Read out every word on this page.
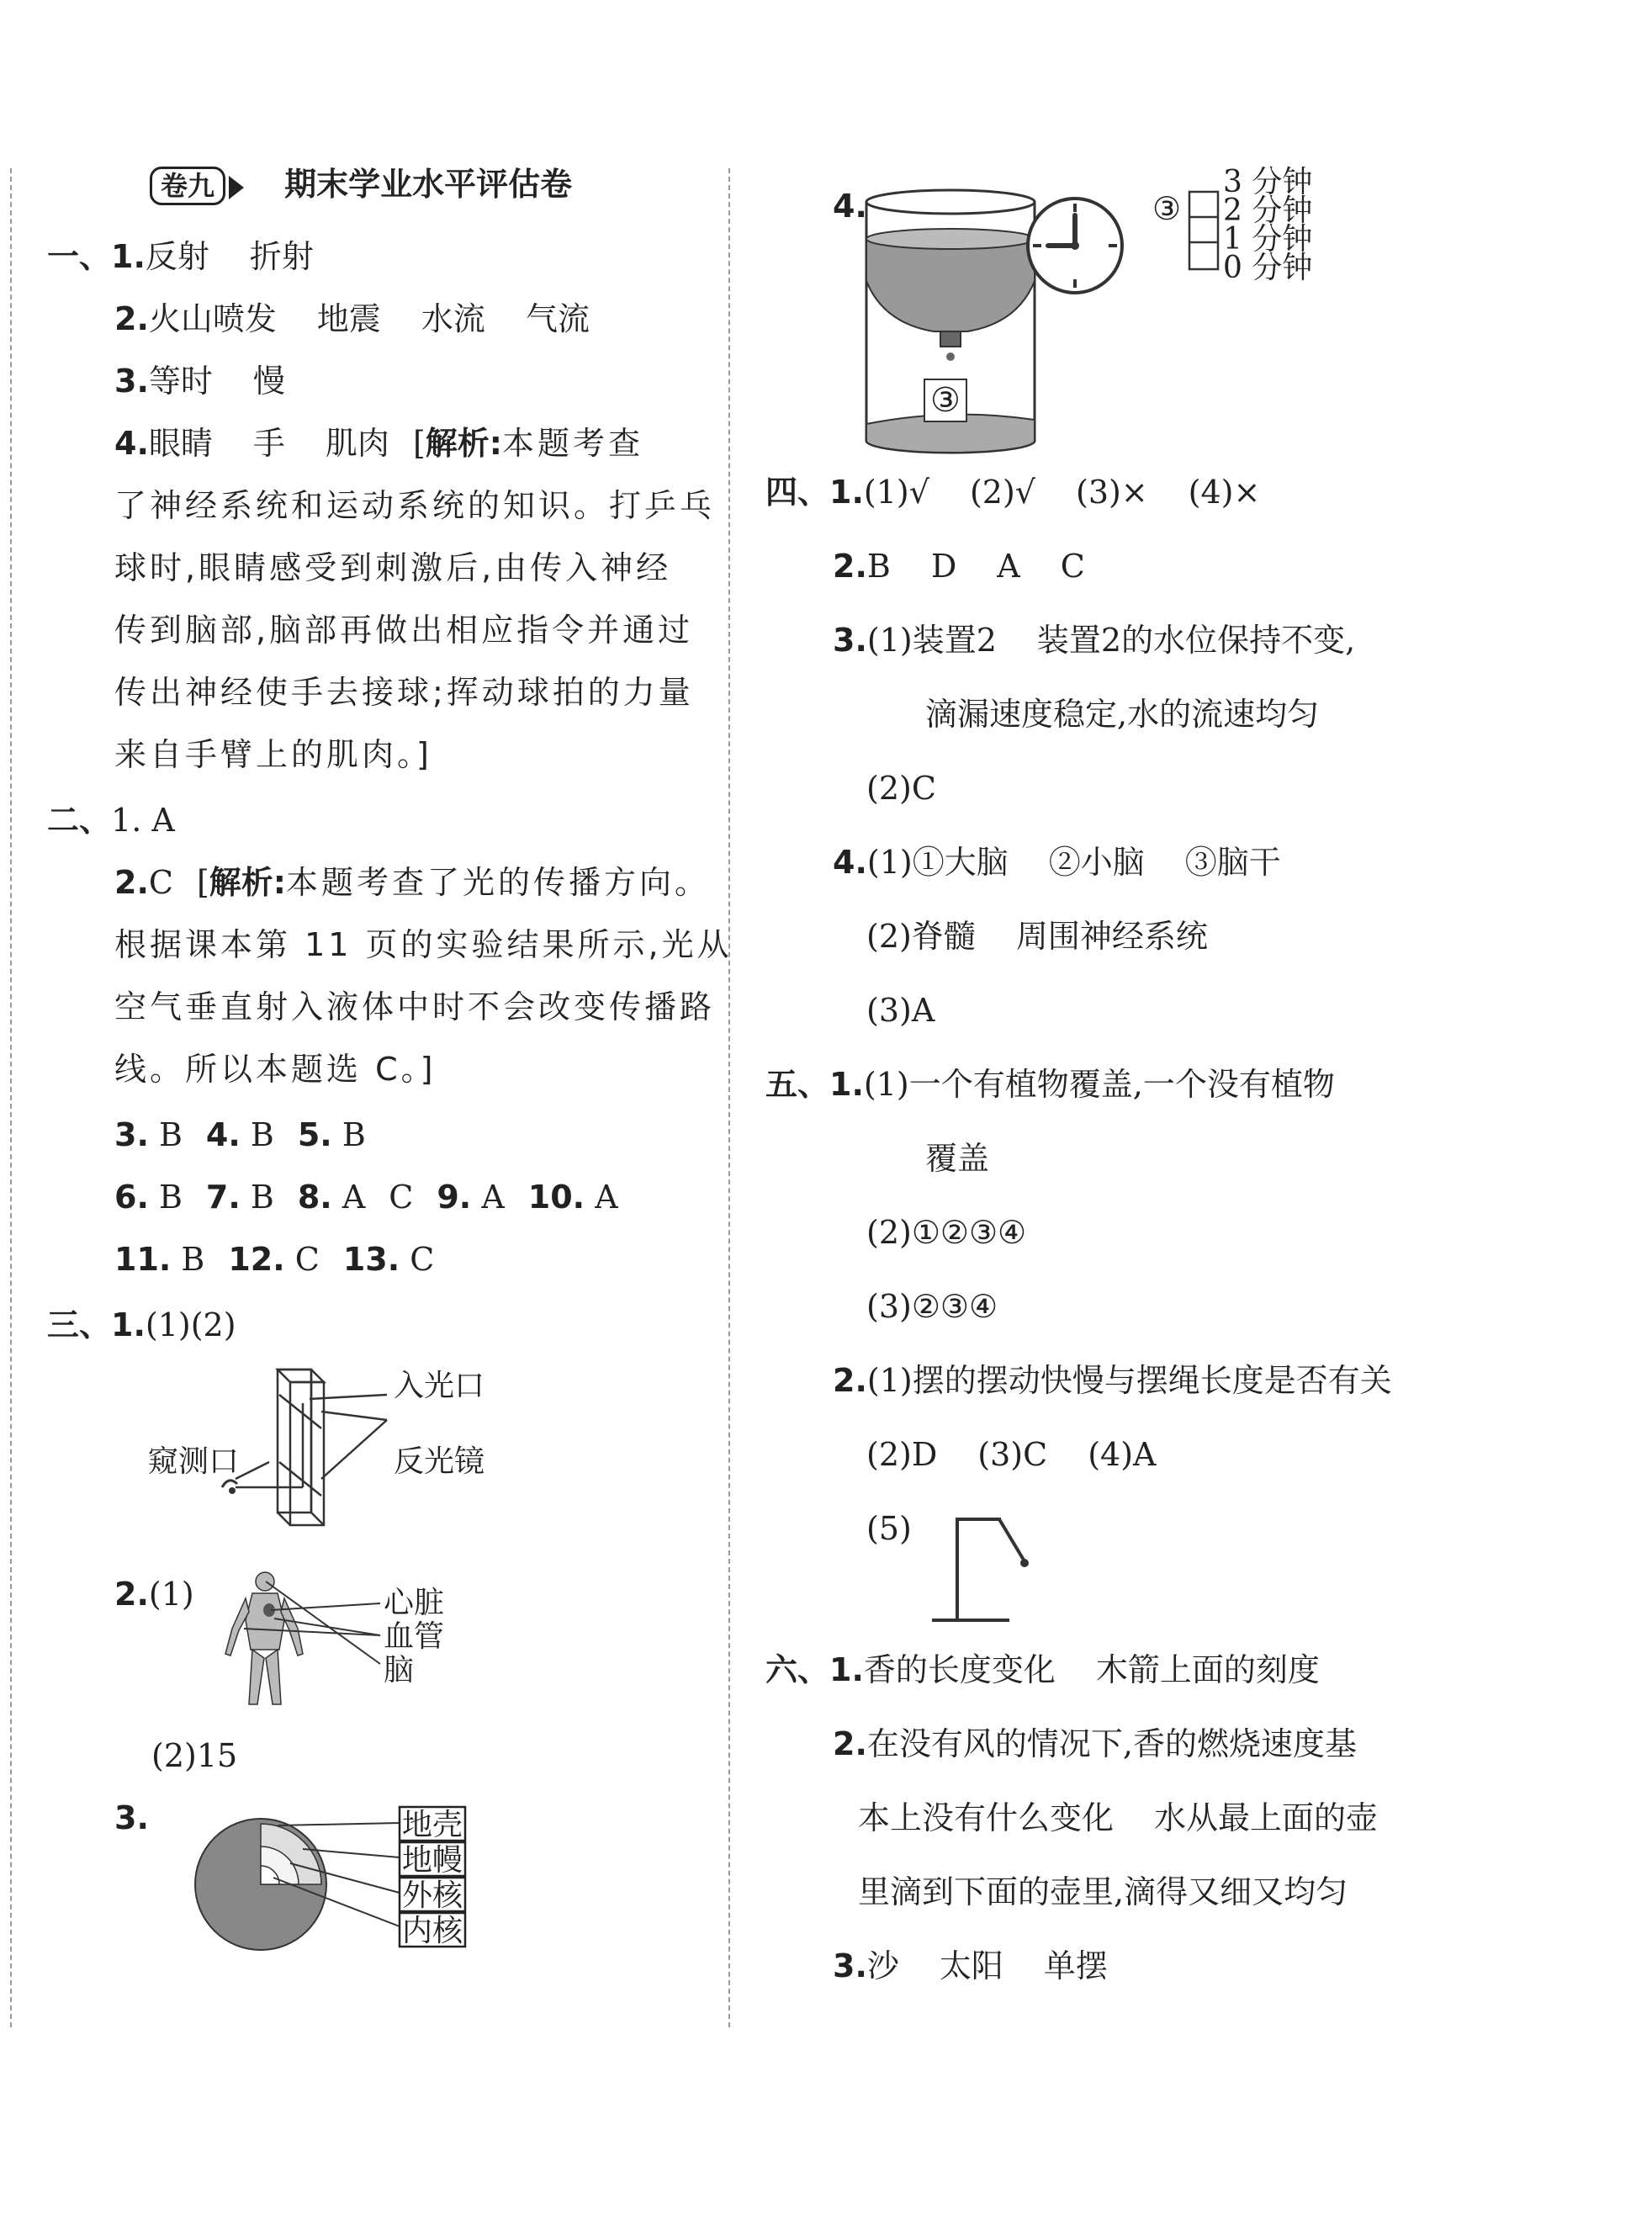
卷九 期末学业水平评估卷
一、1.反射 折射
2.火山喷发 地震 水流 气流
3.等时 慢
4.眼睛 手 肌肉 [解析:本题考查
了神经系统和运动系统的知识。打乒乓
球时,眼睛感受到刺激后,由传入神经
传到脑部,脑部再做出相应指令并通过
传出神经使手去接球;挥动球拍的力量
来自手臂上的肌肉。]
二、1. A
2.C [解析:本题考查了光的传播方向。
根据课本第 11 页的实验结果所示,光从
空气垂直射入液体中时不会改变传播路
线。所以本题选 C。]
3. B 4. B 5. B
6. B 7. B 8. A C 9. A 10. A
11. B 12. C 13. C
三、1.(1)(2)
入光口
窥测口	反光镜
2.(1)	心脏
血管
脑
(2)15
3.	地壳
地幔
外核
内核
4.
③
③
3 分钟
2 分钟
1 分钟
0 分钟
四、1.(1)√ (2)√ (3)× (4)×
2.B D A C
3.(1)装置2 装置2的水位保持不变,
滴漏速度稳定,水的流速均匀
(2)C
4.(1)①大脑 ②小脑 ③脑干
(2)脊髓 周围神经系统
(3)A
五、1.(1)一个有植物覆盖,一个没有植物
覆盖
(2)①②③④
(3)②③④
2.(1)摆的摆动快慢与摆绳长度是否有关
(2)D (3)C (4)A
(5)
六、1.香的长度变化 木箭上面的刻度
2.在没有风的情况下,香的燃烧速度基
本上没有什么变化 水从最上面的壶
里滴到下面的壶里,滴得又细又均匀
3.沙 太阳 单摆
